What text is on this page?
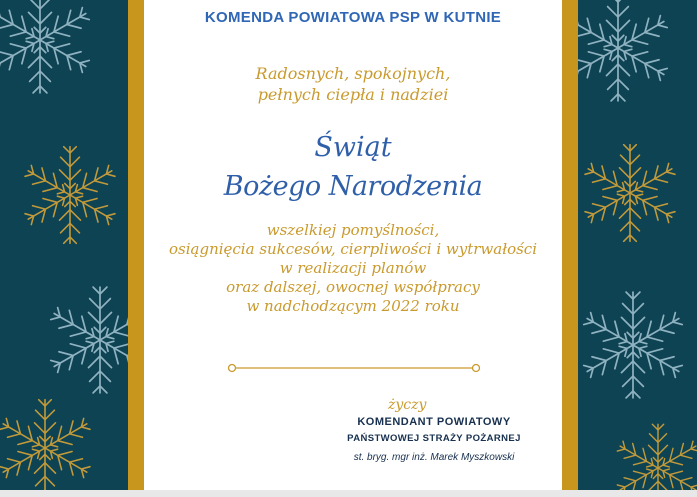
KOMENDA POWIATOWA PSP W KUTNIE
Radosnych, spokojnych,
pełnych ciepła i nadziei
Świąt
Bożego Narodzenia
wszelkiej pomyślności,
osiągnięcia sukcesów, cierpliwości i wytrwałości
w realizacji planów
oraz dalszej, owocnej współpracy
w nadchodzącym 2022 roku
życzy
KOMENDANT POWIATOWY
PAŃSTWOWEJ STRAŻY POŻARNEJ
st. bryg. mgr inż. Marek Myszkowski
